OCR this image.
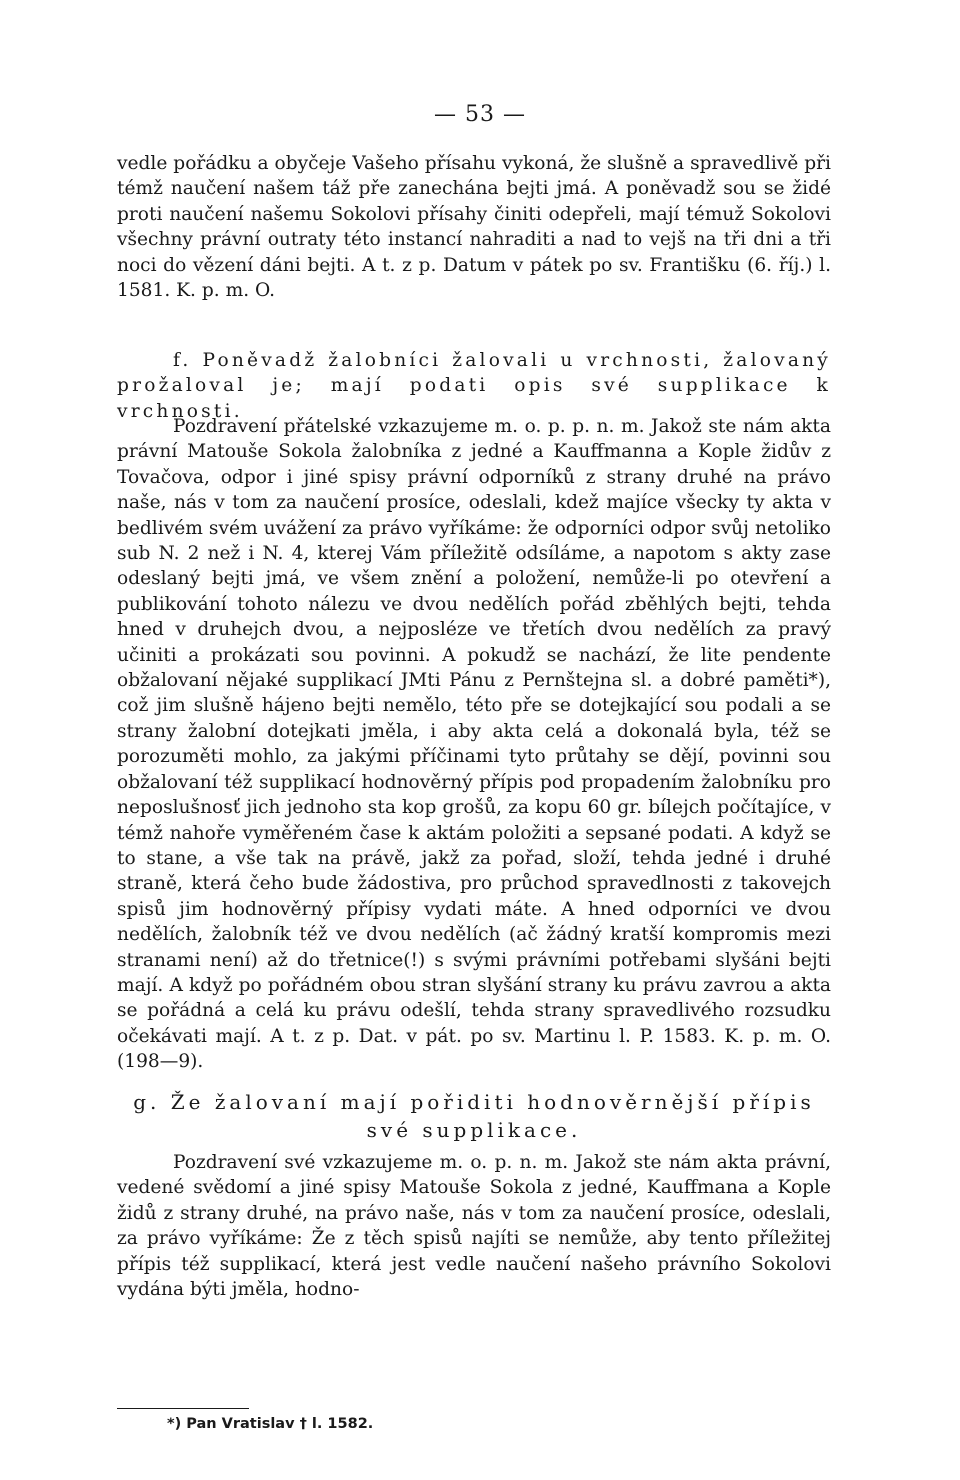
— 53 —

vedle pořádku a obyčeje Vašeho přísahu vykoná, že slušně a spravedlivě při témž naučení našem táž pře zanechána bejti jmá. A poněvadž sou se židé proti naučení našemu Sokolovi přísahy činiti odepřeli, mají témuž Sokolovi všechny právní outraty této instancí nahraditi a nad to vejš na tři dni a tři noci do vězení dáni bejti. A t. z p. Datum v pátek po sv. Františku (6. říj.) l. 1581. K. p. m. O.

f. Poněvadž žalobníci žalovali u vrchnosti, žalovaný prožaloval je; mají podati opis své supplikace k vrchnosti.

Pozdravení přátelské vzkazujeme m. o. p. p. n. m. Jakož ste nám akta právní Matouše Sokola žalobníka z jedné a Kauffmanna a Kople židův z Tovačova, odpor i jiné spisy právní odporníků z strany druhé na právo naše, nás v tom za naučení prosíce, odeslali, kdež majíce všecky ty akta v bedlivém svém uvážení za právo vyříkáme: že odporníci odpor svůj netoliko sub N. 2 než i N. 4, kterej Vám příležitě odsíláme, a napotom s akty zase odeslaný bejti jmá, ve všem znění a položení, nemůže-li po otevření a publikování tohoto nálezu ve dvou nedělích pořád zběhlých bejti, tehda hned v druhejch dvou, a nejposléze ve třetích dvou nedělích za pravý učiniti a prokázati sou povinni. A pokudž se nachází, že lite pendente obžalovaní nějaké supplikací JMti Pánu z Pernštejna sl. a dobré paměti*), což jim slušně hájeno bejti nemělo, této pře se dotejkající sou podali a se strany žalobní dotejkati jměla, i aby akta celá a dokonalá byla, též se porozuměti mohlo, za jakými příčinami tyto průtahy se dějí, povinni sou obžalovaní též supplikací hodnověrný přípis pod propadením žalobníku pro neposlušnosť jich jednoho sta kop grošů, za kopu 60 gr. bílejch počítajíce, v témž nahoře vyměřeném čase k aktám položiti a sepsané podati. A když se to stane, a vše tak na právě, jakž za pořad, složí, tehda jedné i druhé straně, která čeho bude žádostiva, pro průchod spravedlnosti z takovejch spisů jim hodnověrný přípisy vydati máte. A hned odporníci ve dvou nedělích, žalobník též ve dvou nedělích (ač žádný kratší kompromis mezi stranami není) až do třetnice(!) s svými právními potřebami slyšáni bejti mají. A když po pořádném obou stran slyšání strany ku právu zavrou a akta se pořádná a celá ku právu odešlí, tehda strany spravedlivého rozsudku očekávati mají. A t. z p. Dat. v pát. po sv. Martinu l. P. 1583. K. p. m. O. (198—9).

g. Že žalovaní mají pořiditi hodnověrnější přípis své supplikace.

Pozdravení své vzkazujeme m. o. p. n. m. Jakož ste nám akta právní, vedené svědomí a jiné spisy Matouše Sokola z jedné, Kauffmana a Kople židů z strany druhé, na právo naše, nás v tom za naučení prosíce, odeslali, za právo vyříkáme: Že z těch spisů najíti se nemůže, aby tento příležitej přípis též supplikací, která jest vedle naučení našeho právního Sokolovi vydána býti jměla, hodno-

*) Pan Vratislav † l. 1582.
